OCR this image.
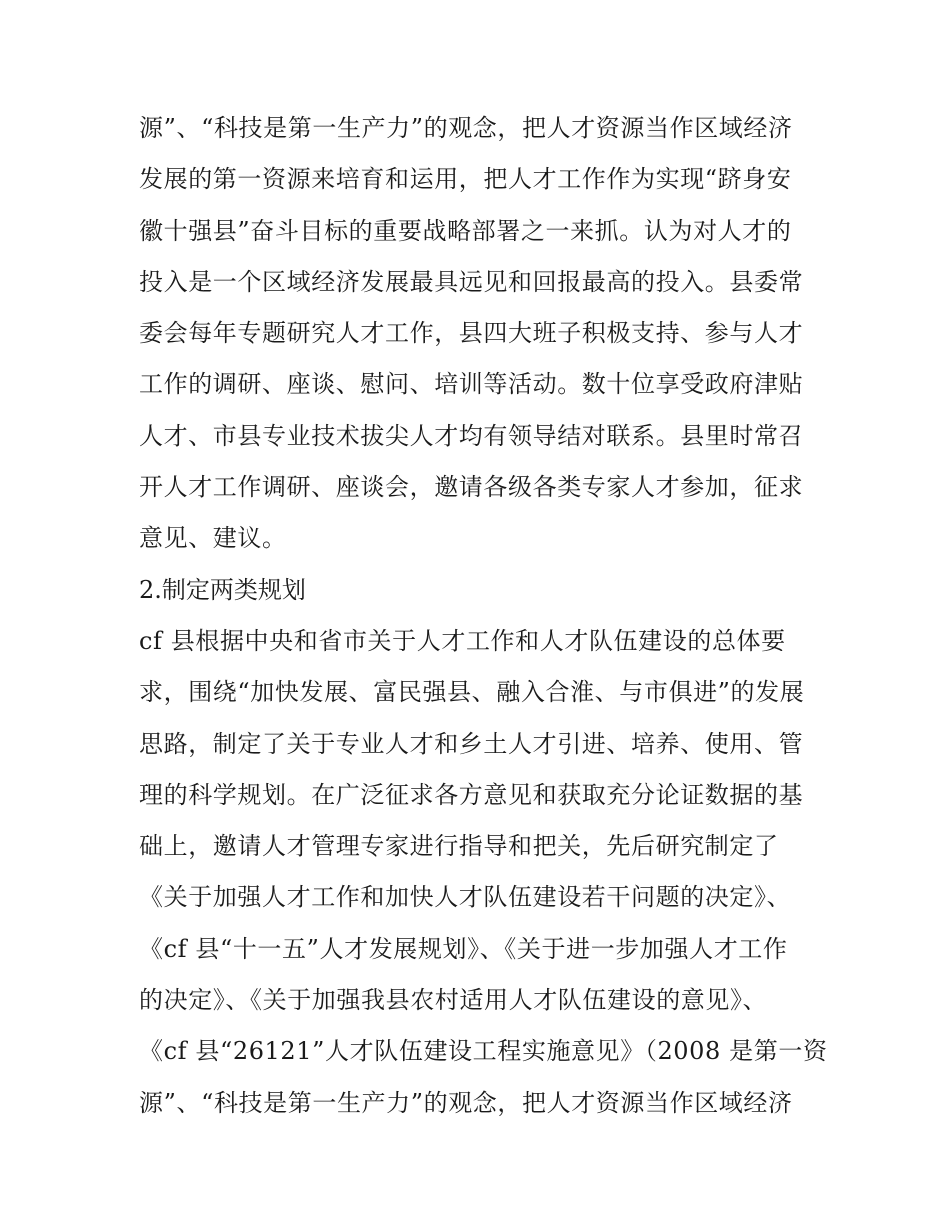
源”、“科技是第一生产力”的观念，把人才资源当作区域经济
发展的第一资源来培育和运用，把人才工作作为实现“跻身安
徽十强县”奋斗目标的重要战略部署之一来抓。认为对人才的
投入是一个区域经济发展最具远见和回报最高的投入。县委常
委会每年专题研究人才工作，县四大班子积极支持、参与人才
工作的调研、座谈、慰问、培训等活动。数十位享受政府津贴
人才、市县专业技术拔尖人才均有领导结对联系。县里时常召
开人才工作调研、座谈会，邀请各级各类专家人才参加，征求
意见、建议。
2.制定两类规划
cf 县根据中央和省市关于人才工作和人才队伍建设的总体要
求，围绕“加快发展、富民强县、融入合淮、与市俱进”的发展
思路，制定了关于专业人才和乡土人才引进、培养、使用、管
理的科学规划。在广泛征求各方意见和获取充分论证数据的基
础上，邀请人才管理专家进行指导和把关，先后研究制定了
《关于加强人才工作和加快人才队伍建设若干问题的决定》、
《cf 县“十一五”人才发展规划》、《关于进一步加强人才工作
的决定》、《关于加强我县农村适用人才队伍建设的意见》、
《cf 县“26121”人才队伍建设工程实施意见》（2008 是第一资
源”、“科技是第一生产力”的观念，把人才资源当作区域经济
